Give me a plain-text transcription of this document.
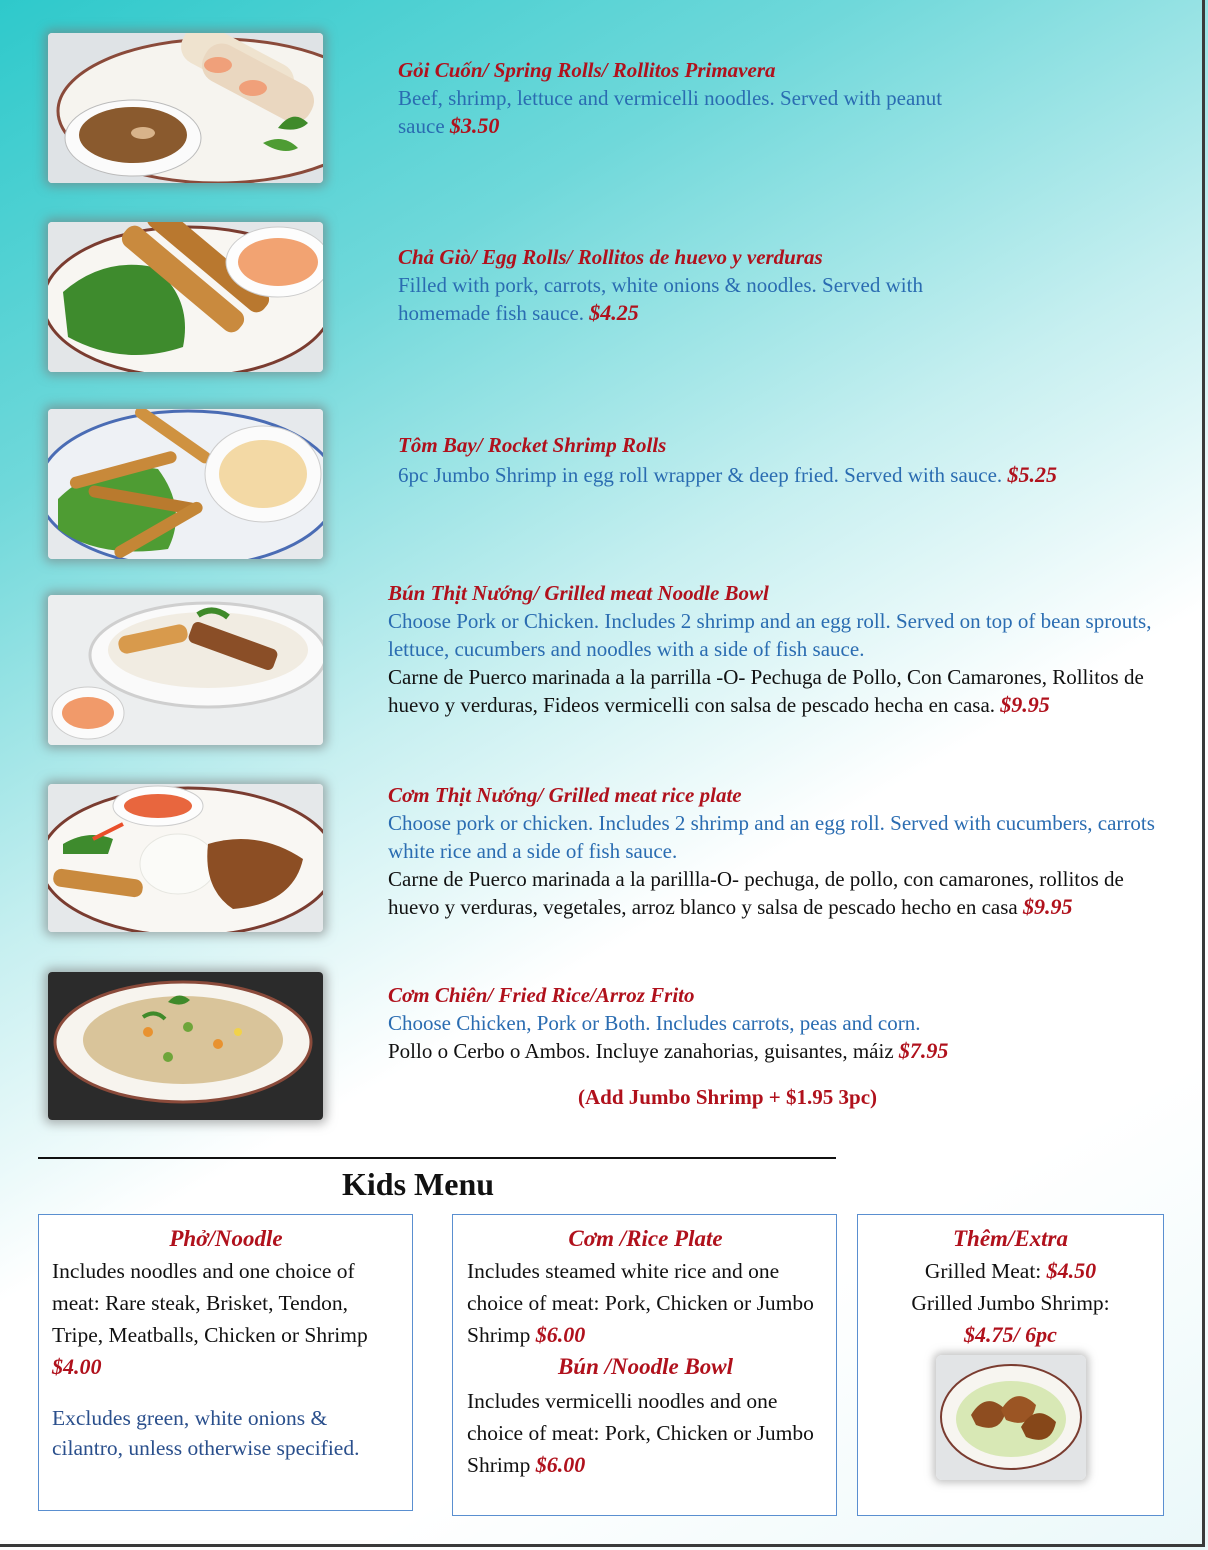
Gỏi Cuốn/ Spring Rolls/ Rollitos Primavera
Beef, shrimp, lettuce and vermicelli noodles. Served with peanut sauce $3.50
Chả Giò/ Egg Rolls/ Rollitos de huevo y verduras
Filled with pork, carrots, white onions & noodles. Served with homemade fish sauce. $4.25
Tôm Bay/ Rocket Shrimp Rolls
6pc Jumbo Shrimp in egg roll wrapper & deep fried. Served with sauce. $5.25
Bún Thịt Nướng/ Grilled meat Noodle Bowl
Choose Pork or Chicken. Includes 2 shrimp and an egg roll. Served on top of bean sprouts, lettuce, cucumbers and noodles with a side of fish sauce.
Carne de Puerco marinada a la parrilla -O- Pechuga de Pollo, Con Camarones, Rollitos de huevo y verduras, Fideos vermicelli con salsa de pescado hecha en casa. $9.95
Cơm Thịt Nướng/ Grilled meat rice plate
Choose pork or chicken. Includes 2 shrimp and an egg roll. Served with cucumbers, carrots white rice and a side of fish sauce.
Carne de Puerco marinada a la parillla-O- pechuga, de pollo, con camarones, rollitos de huevo y verduras, vegetales, arroz blanco y salsa de pescado hecho en casa $9.95
Cơm Chiên/ Fried Rice/Arroz Frito
Choose Chicken, Pork or Both. Includes carrots, peas and corn.
Pollo o Cerbo o Ambos. Incluye zanahorias, guisantes, máiz $7.95
(Add Jumbo Shrimp + $1.95 3pc)
Kids Menu
Phở/Noodle
Includes noodles and one choice of meat: Rare steak, Brisket, Tendon, Tripe, Meatballs, Chicken or Shrimp $4.00
Excludes green, white onions & cilantro, unless otherwise specified.
Cơm /Rice Plate
Includes steamed white rice and one choice of meat: Pork, Chicken or Jumbo Shrimp $6.00
Bún /Noodle Bowl
Includes vermicelli noodles and one choice of meat: Pork, Chicken or Jumbo Shrimp $6.00
Thêm/Extra
Grilled Meat: $4.50
Grilled Jumbo Shrimp:
$4.75/ 6pc
